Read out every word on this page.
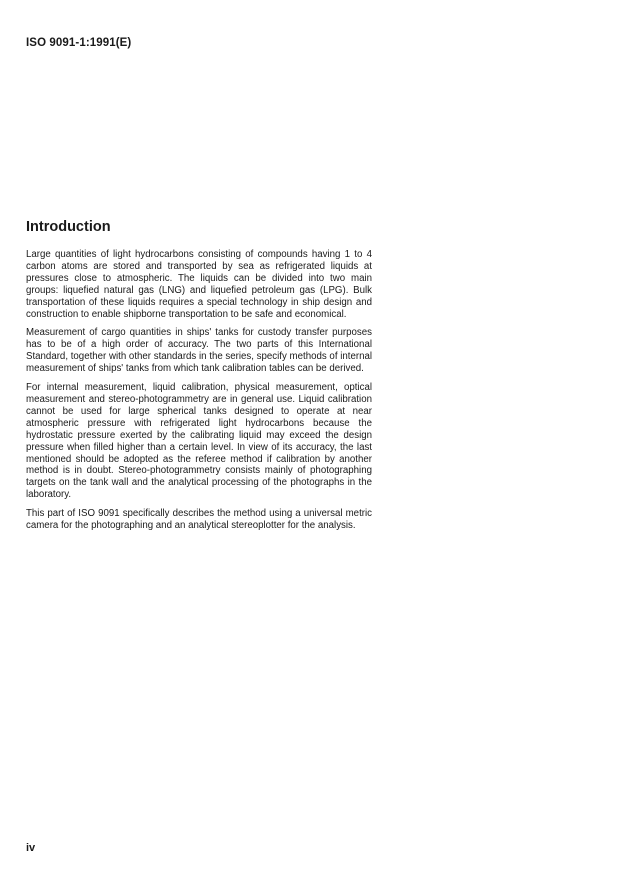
ISO 9091-1:1991(E)
Introduction

Large quantities of light hydrocarbons consisting of compounds having 1 to 4 carbon atoms are stored and transported by sea as refrigerated liquids at pressures close to atmospheric. The liquids can be divided into two main groups: liquefied natural gas (LNG) and liquefied petroleum gas (LPG). Bulk transportation of these liquids requires a special technology in ship design and construction to enable shipborne transportation to be safe and economical.

Measurement of cargo quantities in ships' tanks for custody transfer purposes has to be of a high order of accuracy. The two parts of this International Standard, together with other standards in the series, specify methods of internal measurement of ships' tanks from which tank calibration tables can be derived.

For internal measurement, liquid calibration, physical measurement, optical measurement and stereo-photogrammetry are in general use. Liquid calibration cannot be used for large spherical tanks designed to operate at near atmospheric pressure with refrigerated light hydrocarbons because the hydrostatic pressure exerted by the calibrating liquid may exceed the design pressure when filled higher than a certain level. In view of its accuracy, the last mentioned should be adopted as the referee method if calibration by another method is in doubt. Stereo-photogrammetry consists mainly of photographing targets on the tank wall and the analytical processing of the photographs in the laboratory.

This part of ISO 9091 specifically describes the method using a universal metric camera for the photographing and an analytical stereoplotter for the analysis.

iv
